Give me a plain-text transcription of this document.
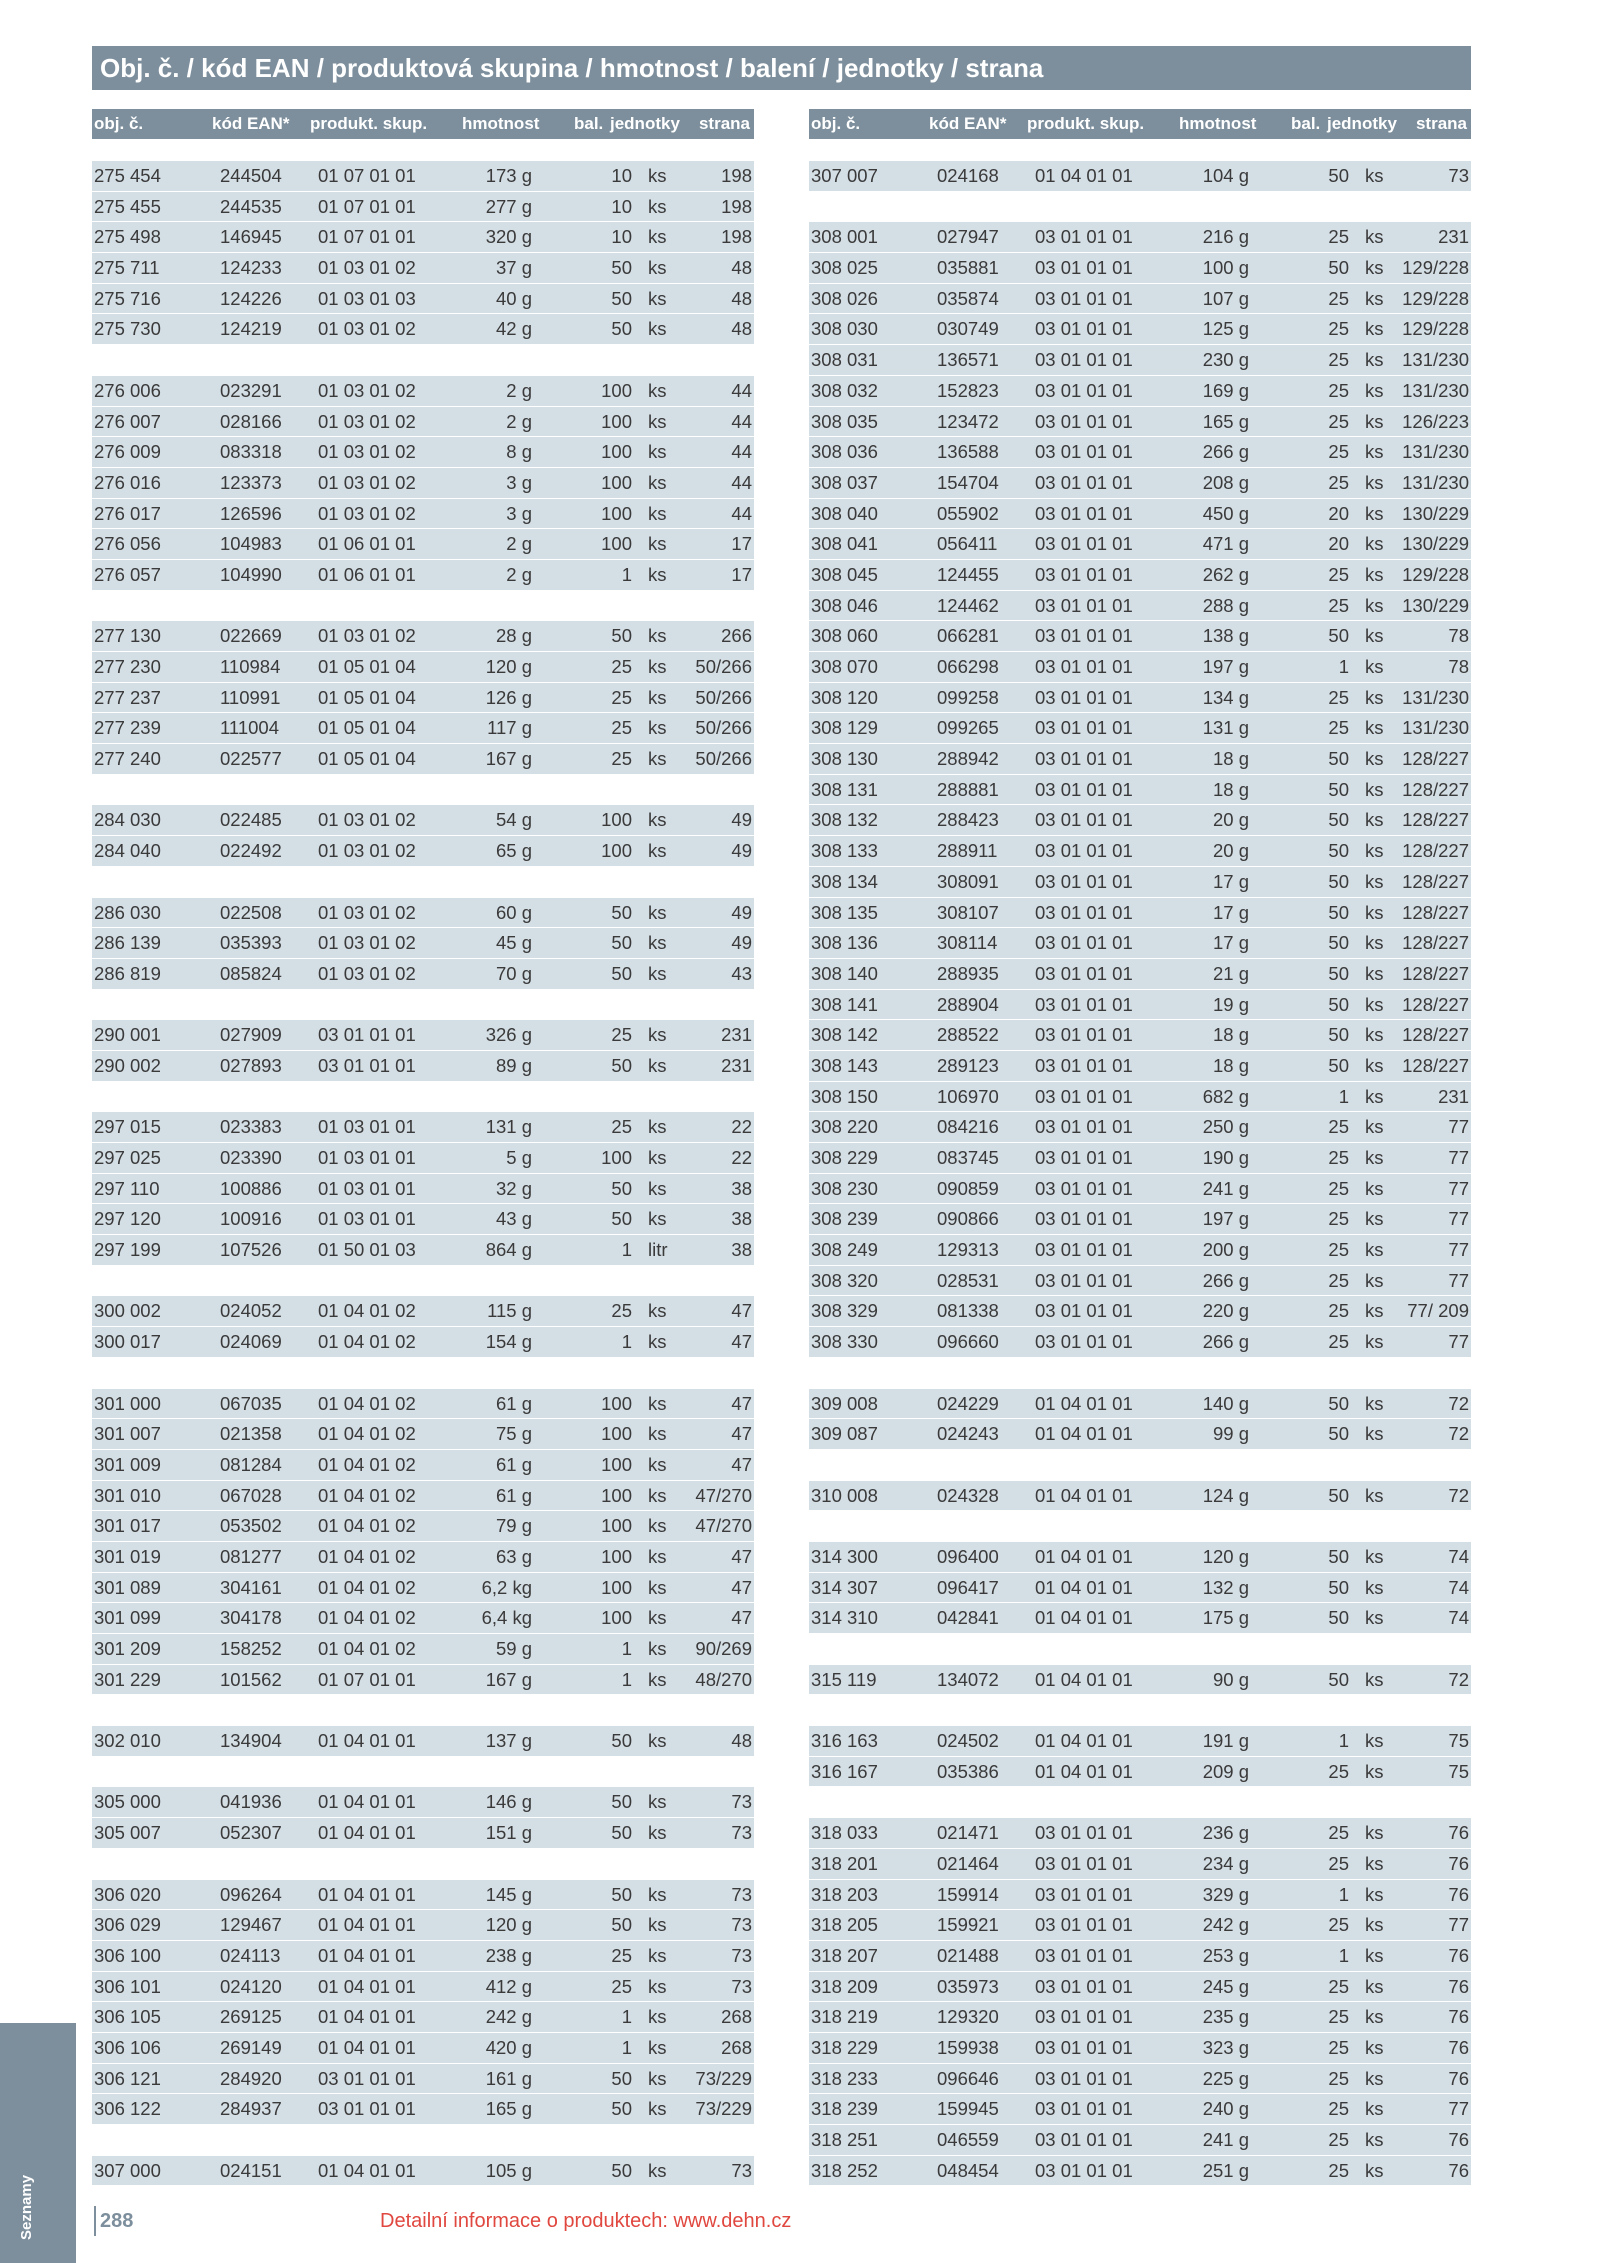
Obj. č. / kód EAN / produktová skupina / hmotnost / balení / jednotky / strana
obj. č.	kód EAN* produkt. skup. hmotnost bal. jednotky strana
275 454	244504 01 07 01 01	173 g	10 ks	198
275 455	244535 01 07 01 01	277 g	10 ks	198
275 498	146945 01 07 01 01	320 g	10 ks	198
275 711	124233 01 03 01 02	37 g	50 ks	48
275 716	124226 01 03 01 03	40 g	50 ks	48
275 730	124219 01 03 01 02	42 g	50 ks	48
276 006	023291 01 03 01 02	2 g	100 ks	44
276 007	028166 01 03 01 02	2 g	100 ks	44
276 009	083318 01 03 01 02	8 g	100 ks	44
276 016	123373 01 03 01 02	3 g	100 ks	44
276 017	126596 01 03 01 02	3 g	100 ks	44
276 056	104983 01 06 01 01	2 g	100 ks	17
276 057	104990 01 06 01 01	2 g	1 ks	17
277 130	022669 01 03 01 02	28 g	50 ks	266
277 230	110984 01 05 01 04	120 g	25 ks 50/266
277 237	110991 01 05 01 04	126 g	25 ks 50/266
277 239	111004 01 05 01 04	117 g	25 ks 50/266
277 240	022577 01 05 01 04	167 g	25 ks 50/266
284 030	022485 01 03 01 02	54 g	100 ks	49
284 040	022492 01 03 01 02	65 g	100 ks	49
286 030	022508 01 03 01 02	60 g	50 ks	49
286 139	035393 01 03 01 02	45 g	50 ks	49
286 819	085824 01 03 01 02	70 g	50 ks	43
290 001	027909 03 01 01 01	326 g	25 ks	231
290 002	027893 03 01 01 01	89 g	50 ks	231
297 015	023383 01 03 01 01	131 g	25 ks	22
297 025	023390 01 03 01 01	5 g	100 ks	22
297 110	100886 01 03 01 01	32 g	50 ks	38
297 120	100916 01 03 01 01	43 g	50 ks	38
297 199	107526 01 50 01 03	864 g	1 litr	38
300 002	024052 01 04 01 02	115 g	25 ks	47
300 017	024069 01 04 01 02	154 g	1 ks	47
301 000	067035 01 04 01 02	61 g	100 ks	47
301 007	021358 01 04 01 02	75 g	100 ks	47
301 009	081284 01 04 01 02	61 g	100 ks	47
301 010	067028 01 04 01 02	61 g	100 ks 47/270
301 017	053502 01 04 01 02	79 g	100 ks 47/270
301 019	081277 01 04 01 02	63 g	100 ks	47
301 089	304161 01 04 01 02	6,2 kg	100 ks	47
301 099	304178 01 04 01 02	6,4 kg	100 ks	47
301 209	158252 01 04 01 02	59 g	1 ks 90/269
301 229	101562 01 07 01 01	167 g	1 ks 48/270
302 010	134904 01 04 01 01	137 g	50 ks	48
305 000	041936 01 04 01 01	146 g	50 ks	73
305 007	052307 01 04 01 01	151 g	50 ks	73
306 020	096264 01 04 01 01	145 g	50 ks	73
306 029	129467 01 04 01 01	120 g	50 ks	73
306 100	024113 01 04 01 01	238 g	25 ks	73
306 101	024120 01 04 01 01	412 g	25 ks	73
306 105	269125 01 04 01 01	242 g	1 ks	268
306 106	269149 01 04 01 01	420 g	1 ks	268
306 121	284920 03 01 01 01	161 g	50 ks 73/229
306 122	284937 03 01 01 01	165 g	50 ks 73/229
307 000	024151 01 04 01 01	105 g	50 ks	73
obj. č.	kód EAN* produkt. skup. hmotnost bal. jednotky strana
307 007	024168 01 04 01 01	104 g	50 ks	73
308 001	027947 03 01 01 01	216 g	25 ks	231
308 025	035881 03 01 01 01	100 g	50 ks 129/228
308 026	035874 03 01 01 01	107 g	25 ks 129/228
308 030	030749 03 01 01 01	125 g	25 ks 129/228
308 031	136571 03 01 01 01	230 g	25 ks 131/230
308 032	152823 03 01 01 01	169 g	25 ks 131/230
308 035	123472 03 01 01 01	165 g	25 ks 126/223
308 036	136588 03 01 01 01	266 g	25 ks 131/230
308 037	154704 03 01 01 01	208 g	25 ks 131/230
308 040	055902 03 01 01 01	450 g	20 ks 130/229
308 041	056411 03 01 01 01	471 g	20 ks 130/229
308 045	124455 03 01 01 01	262 g	25 ks 129/228
308 046	124462 03 01 01 01	288 g	25 ks 130/229
308 060	066281 03 01 01 01	138 g	50 ks	78
308 070	066298 03 01 01 01	197 g	1 ks	78
308 120	099258 03 01 01 01	134 g	25 ks 131/230
308 129	099265 03 01 01 01	131 g	25 ks 131/230
308 130	288942 03 01 01 01	18 g	50 ks 128/227
308 131	288881 03 01 01 01	18 g	50 ks 128/227
308 132	288423 03 01 01 01	20 g	50 ks 128/227
308 133	288911 03 01 01 01	20 g	50 ks 128/227
308 134	308091 03 01 01 01	17 g	50 ks 128/227
308 135	308107 03 01 01 01	17 g	50 ks 128/227
308 136	308114 03 01 01 01	17 g	50 ks 128/227
308 140	288935 03 01 01 01	21 g	50 ks 128/227
308 141	288904 03 01 01 01	19 g	50 ks 128/227
308 142	288522 03 01 01 01	18 g	50 ks 128/227
308 143	289123 03 01 01 01	18 g	50 ks 128/227
308 150	106970 03 01 01 01	682 g	1 ks	231
308 220	084216 03 01 01 01	250 g	25 ks	77
308 229	083745 03 01 01 01	190 g	25 ks	77
308 230	090859 03 01 01 01	241 g	25 ks	77
308 239	090866 03 01 01 01	197 g	25 ks	77
308 249	129313 03 01 01 01	200 g	25 ks	77
308 320	028531 03 01 01 01	266 g	25 ks	77
308 329	081338 03 01 01 01	220 g	25 ks 77/ 209
308 330	096660 03 01 01 01	266 g	25 ks	77
309 008	024229 01 04 01 01	140 g	50 ks	72
309 087	024243 01 04 01 01	99 g	50 ks	72
310 008	024328 01 04 01 01	124 g	50 ks	72
314 300	096400 01 04 01 01	120 g	50 ks	74
314 307	096417 01 04 01 01	132 g	50 ks	74
314 310	042841 01 04 01 01	175 g	50 ks	74
315 119	134072 01 04 01 01	90 g	50 ks	72
316 163	024502 01 04 01 01	191 g	1 ks	75
316 167	035386 01 04 01 01	209 g	25 ks	75
318 033	021471 03 01 01 01	236 g	25 ks	76
318 201	021464 03 01 01 01	234 g	25 ks	76
318 203	159914 03 01 01 01	329 g	1 ks	76
318 205	159921 03 01 01 01	242 g	25 ks	77
318 207	021488 03 01 01 01	253 g	1 ks	76
318 209	035973 03 01 01 01	245 g	25 ks	76
318 219	129320 03 01 01 01	235 g	25 ks	76
318 229	159938 03 01 01 01	323 g	25 ks	76
318 233	096646 03 01 01 01	225 g	25 ks	76
318 239	159945 03 01 01 01	240 g	25 ks	77
318 251	046559 03 01 01 01	241 g	25 ks	76
318 252	048454 03 01 01 01	251 g	25 ks	76
Seznamy	288	Detailní informace o produktech: www.dehn.cz
